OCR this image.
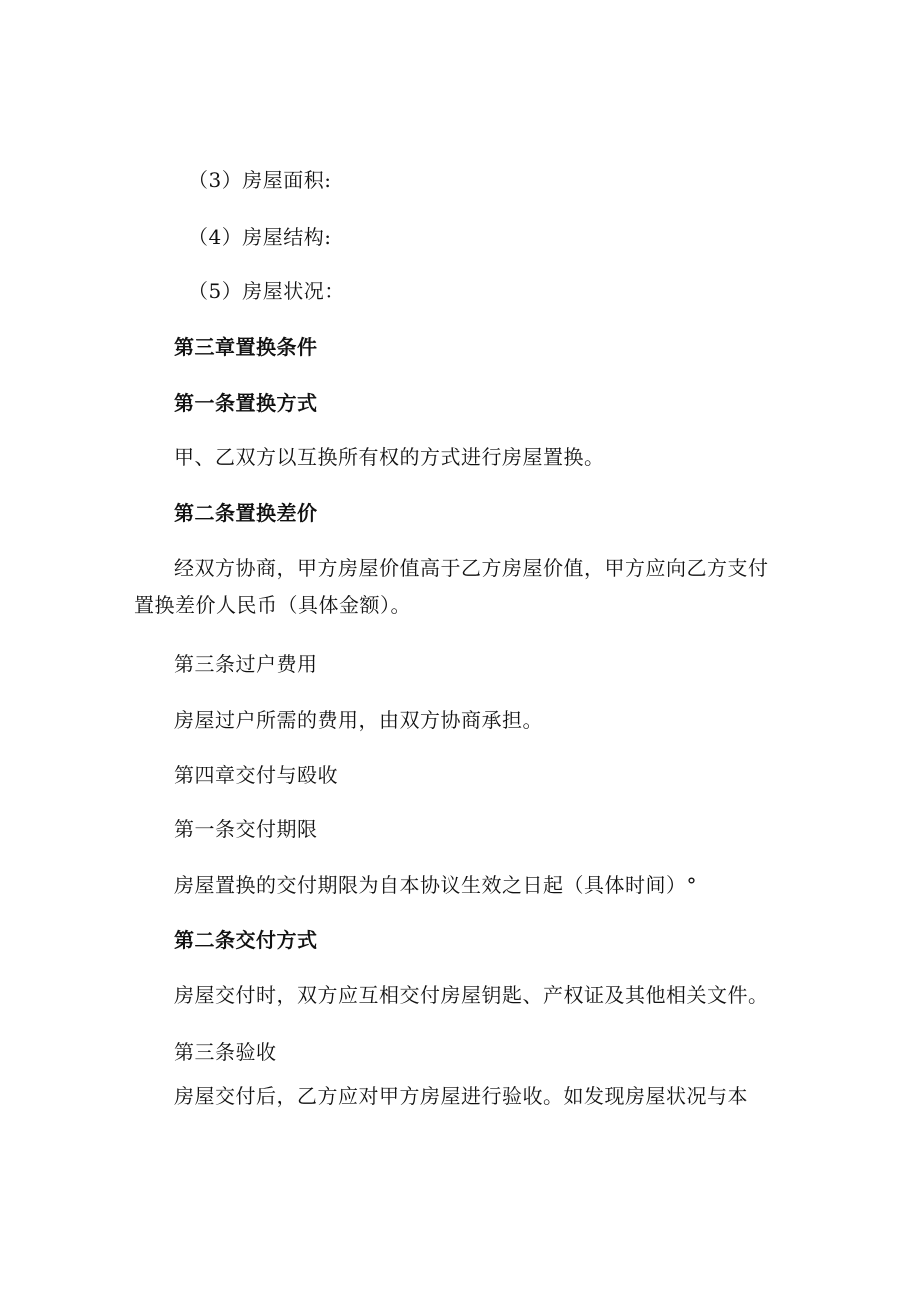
（3）房屋面积:
（4）房屋结构:
（5）房屋状况：
第三章置换条件
第一条置换方式
甲、乙双方以互换所有权的方式进行房屋置换。
第二条置换差价
经双方协商，甲方房屋价值高于乙方房屋价值，甲方应向乙方支付置换差价人民币（具体金额）。
第三条过户费用
房屋过户所需的费用，由双方协商承担。
第四章交付与殴收
第一条交付期限
房屋置换的交付期限为自本协议生效之日起（具体时间）°
第二条交付方式
房屋交付时，双方应互相交付房屋钥匙、产权证及其他相关文件。
第三条验收
房屋交付后，乙方应对甲方房屋进行验收。如发现房屋状况与本
